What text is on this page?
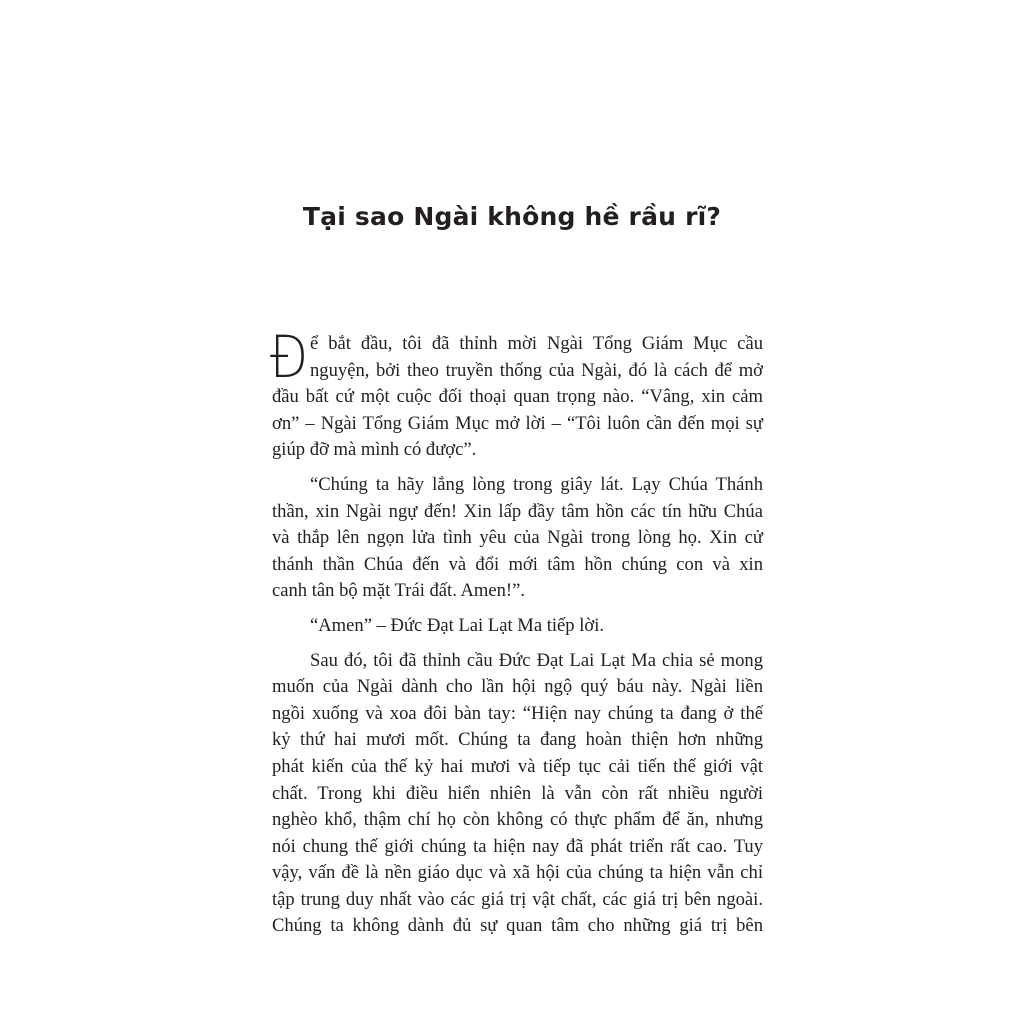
Tại sao Ngài không hề rầu rĩ?
Đ ể bắt đầu, tôi đã thỉnh mời Ngài Tổng Giám Mục cầu
nguyện, bởi theo truyền thống của Ngài, đó là cách để mở
đầu bất cứ một cuộc đối thoại quan trọng nào. “Vâng, xin cảm
ơn” – Ngài Tổng Giám Mục mở lời – “Tôi luôn cần đến mọi sự
giúp đỡ mà mình có được”.
“Chúng ta hãy lắng lòng trong giây lát. Lạy Chúa Thánh
thần, xin Ngài ngự đến! Xin lấp đầy tâm hồn các tín hữu Chúa
và thắp lên ngọn lửa tình yêu của Ngài trong lòng họ. Xin cử
thánh thần Chúa đến và đổi mới tâm hồn chúng con và xin
canh tân bộ mặt Trái đất. Amen!”.
“Amen” – Đức Đạt Lai Lạt Ma tiếp lời.
Sau đó, tôi đã thỉnh cầu Đức Đạt Lai Lạt Ma chia sẻ mong
muốn của Ngài dành cho lần hội ngộ quý báu này. Ngài liền
ngồi xuống và xoa đôi bàn tay: “Hiện nay chúng ta đang ở thế
kỷ thứ hai mươi mốt. Chúng ta đang hoàn thiện hơn những
phát kiến của thế kỷ hai mươi và tiếp tục cải tiến thế giới vật
chất. Trong khi điều hiển nhiên là vẫn còn rất nhiều người
nghèo khổ, thậm chí họ còn không có thực phẩm để ăn, nhưng
nói chung thế giới chúng ta hiện nay đã phát triển rất cao. Tuy
vậy, vấn đề là nền giáo dục và xã hội của chúng ta hiện vẫn chỉ
tập trung duy nhất vào các giá trị vật chất, các giá trị bên ngoài.
Chúng ta không dành đủ sự quan tâm cho những giá trị bên
